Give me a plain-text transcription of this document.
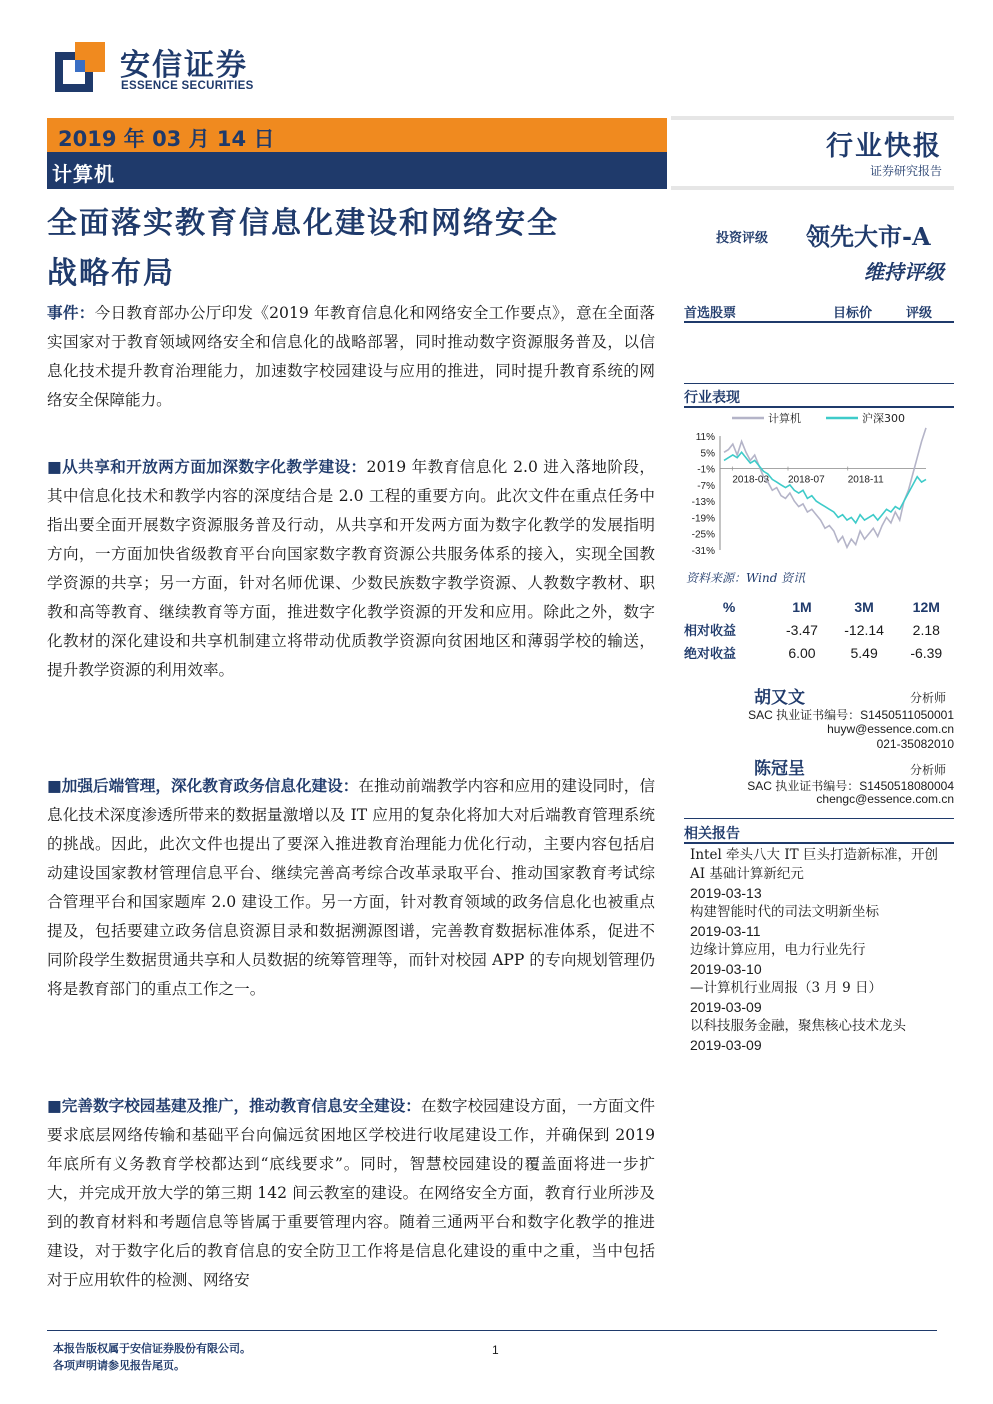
安信证券
ESSENCE SECURITIES
2019 年 03 月 14 日
计算机
行业快报
证券研究报告
全面落实教育信息化建设和网络安全
战略布局
投资评级 领先大市-A
维持评级
首选股票	目标价	评级
行业表现
11%
5%
-1%
-7%
-13%
-19%
-25%
-31%
2018-03 2018-07 2018-11
计算机	沪深300
资料来源：Wind 资讯
%	1M	3M	12M
相对收益	-3.47	-12.14	2.18
绝对收益	6.00	5.49	-6.39
胡又文	分析师
SAC 执业证书编号：S1450511050001
huyw@essence.com.cn
021-35082010
陈冠呈	分析师
SAC 执业证书编号：S1450518080004
chengc@essence.com.cn
相关报告
Intel 牵头八大 IT 巨头打造新标准，开创 AI 基础计算新纪元
2019-03-13
构建智能时代的司法文明新坐标
2019-03-11
边缘计算应用，电力行业先行
2019-03-10
—计算机行业周报（3 月 9 日）
2019-03-09
以科技服务金融，聚焦核心技术龙头
2019-03-09
事件：今日教育部办公厅印发《2019 年教育信息化和网络安全工作要点》，意在全面落实国家对于教育领域网络安全和信息化的战略部署，同时推动数字资源服务普及，以信息化技术提升教育治理能力，加速数字校园建设与应用的推进，同时提升教育系统的网络安全保障能力。
■从共享和开放两方面加深数字化教学建设：2019 年教育信息化 2.0 进入落地阶段，其中信息化技术和教学内容的深度结合是 2.0 工程的重要方向。此次文件在重点任务中指出要全面开展数字资源服务普及行动，从共享和开发两方面为数字化教学的发展指明方向，一方面加快省级教育平台向国家数字教育资源公共服务体系的接入，实现全国教学资源的共享；另一方面，针对名师优课、少数民族数字教学资源、人教数字教材、职教和高等教育、继续教育等方面，推进数字化教学资源的开发和应用。除此之外，数字化教材的深化建设和共享机制建立将带动优质教学资源向贫困地区和薄弱学校的输送，提升教学资源的利用效率。
■加强后端管理，深化教育政务信息化建设：在推动前端教学内容和应用的建设同时，信息化技术深度渗透所带来的数据量激增以及 IT 应用的复杂化将加大对后端教育管理系统的挑战。因此，此次文件也提出了要深入推进教育治理能力优化行动，主要内容包括启动建设国家教材管理信息平台、继续完善高考综合改革录取平台、推动国家教育考试综合管理平台和国家题库 2.0 建设工作。另一方面，针对教育领域的政务信息化也被重点提及，包括要建立政务信息资源目录和数据溯源图谱，完善教育数据标准体系，促进不同阶段学生数据贯通共享和人员数据的统筹管理等，而针对校园 APP 的专向规划管理仍将是教育部门的重点工作之一。
■完善数字校园基建及推广，推动教育信息安全建设：在数字校园建设方面，一方面文件要求底层网络传输和基础平台向偏远贫困地区学校进行收尾建设工作，并确保到 2019 年底所有义务教育学校都达到“底线要求”。同时，智慧校园建设的覆盖面将进一步扩大，并完成开放大学的第三期 142 间云教室的建设。在网络安全方面，教育行业所涉及到的教育材料和考题信息等皆属于重要管理内容。随着三通两平台和数字化教学的推进建设，对于数字化后的教育信息的安全防卫工作将是信息化建设的重中之重，当中包括对于应用软件的检测、网络安
本报告版权属于安信证券股份有限公司。
各项声明请参见报告尾页。
1
